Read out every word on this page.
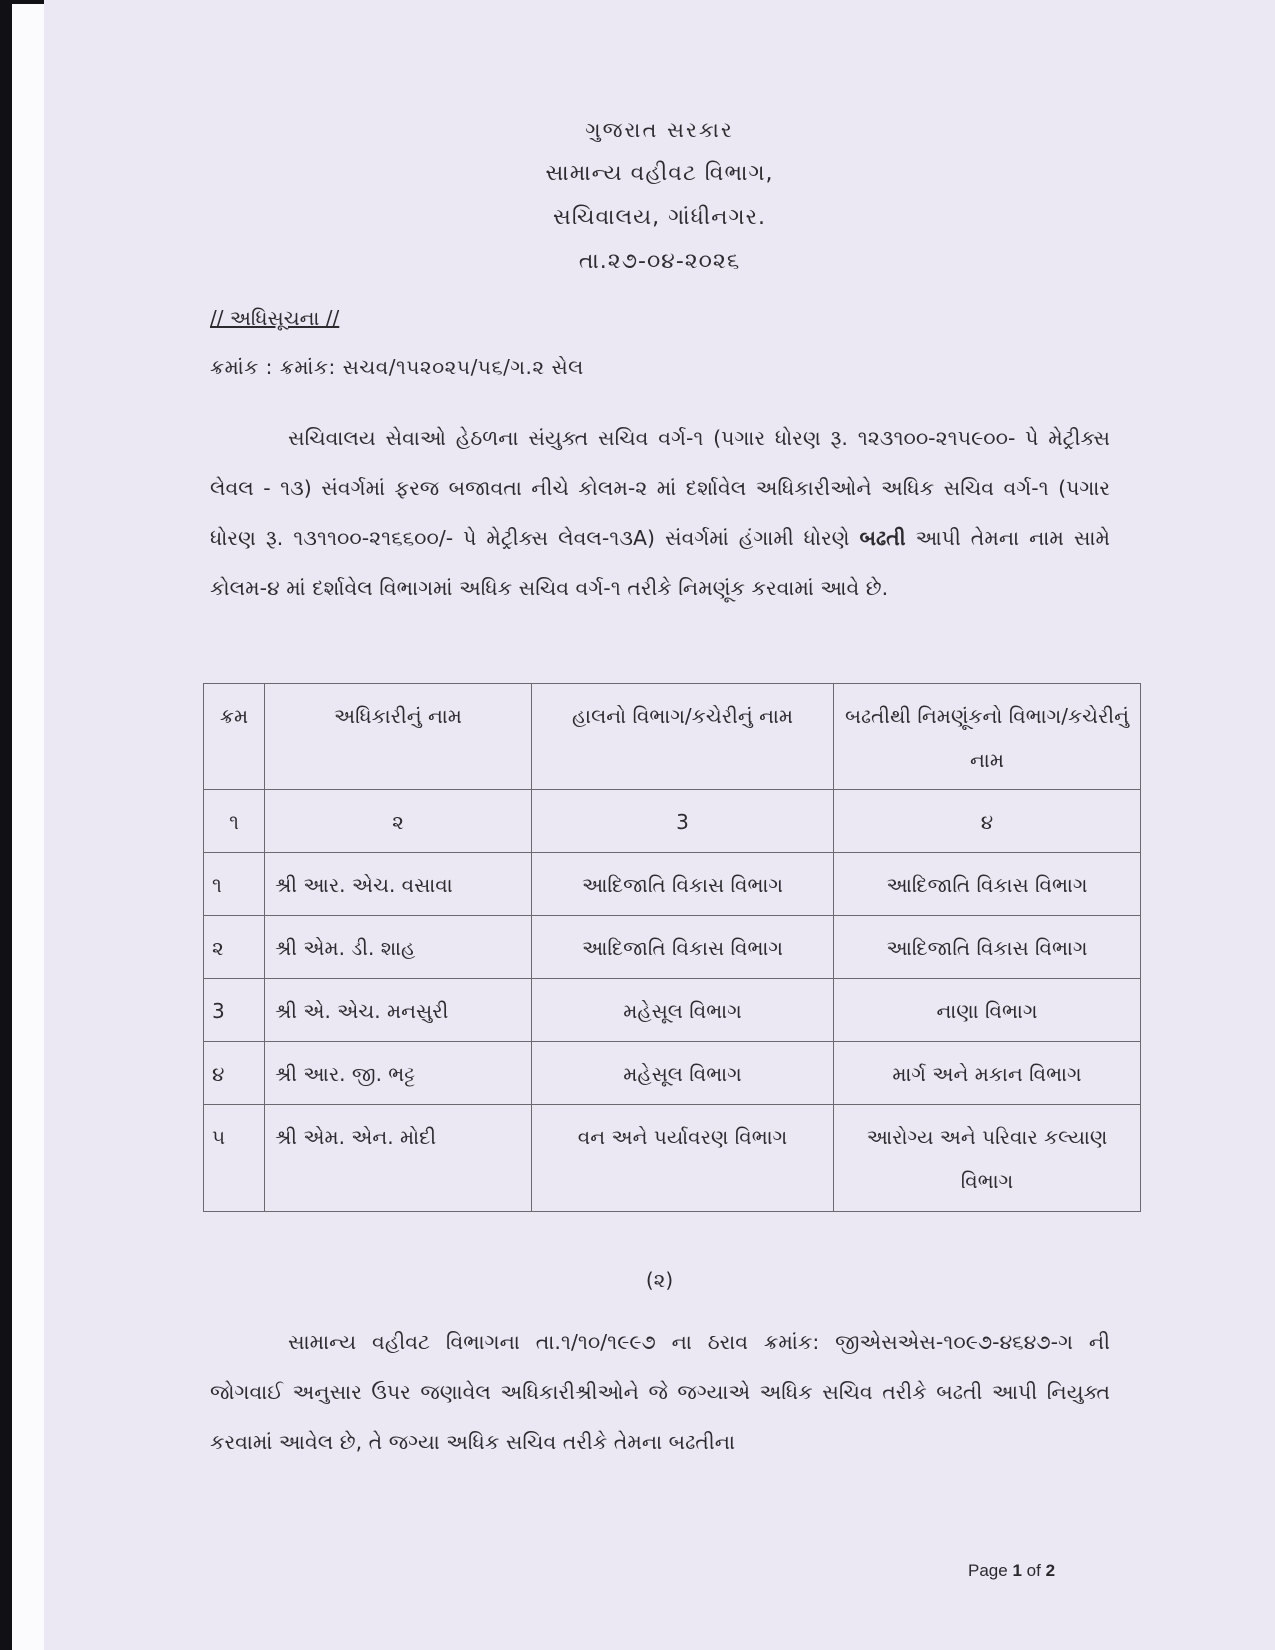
ગુજરાત સરકાર
સામાન્ય વહીવટ વિભાગ,
સચિવાલય, ગાંધીનગર.
તા.૨૭-૦૪-૨૦૨૬
// અધિસૂચના //
ક્રમાંક : ક્રમાંક: સચવ/૧૫૨૦૨૫/૫૬/ગ.૨ સેલ
સચિવાલય સેવાઓ હેઠળના સંયુક્ત સચિવ વર્ગ-૧ (પગાર ધોરણ રૂ. ૧૨૩૧૦૦-૨૧૫૯૦૦- પે મેટ્રીક્સ લેવલ - ૧૩) સંવર્ગમાં ફરજ બજાવતા નીચે કોલમ-૨ માં દર્શાવેલ અધિકારીઓને અધિક સચિવ વર્ગ-૧ (પગાર ધોરણ રૂ. ૧૩૧૧૦૦-૨૧૬૬૦૦/- પે મેટ્રીક્સ લેવલ-૧૩A) સંવર્ગમાં હંગામી ધોરણે બઢતી આપી તેમના નામ સામે કોલમ-૪ માં દર્શાવેલ વિભાગમાં અધિક સચિવ વર્ગ-૧ તરીકે નિમણૂંક કરવામાં આવે છે.
ક્રમ	અધિકારીનું નામ	હાલનો વિભાગ/કચેરીનું નામ	બઢતીથી નિમણૂંકનો વિભાગ/કચેરીનું નામ
૧	૨	3	૪
૧	શ્રી આર. એચ. વસાવા	આદિજાતિ વિકાસ વિભાગ	આદિજાતિ વિકાસ વિભાગ
૨	શ્રી એમ. ડી. શાહ	આદિજાતિ વિકાસ વિભાગ	આદિજાતિ વિકાસ વિભાગ
3	શ્રી એ. એચ. મનસુરી	મહેસૂલ વિભાગ	નાણા વિભાગ
૪	શ્રી આર. જી. ભટ્ટ	મહેસૂલ વિભાગ	માર્ગ અને મકાન વિભાગ
૫	શ્રી એમ. એન. મોદી	વન અને પર્યાવરણ વિભાગ	આરોગ્ય અને પરિવાર કલ્યાણ વિભાગ
(૨)
સામાન્ય વહીવટ વિભાગના તા.૧/૧૦/૧૯૯૭ ના ઠરાવ ક્રમાંક: જીએસએસ-૧૦૯૭-૪૬૪૭-ગ ની જોગવાઈ અનુસાર ઉપર જણાવેલ અધિકારીશ્રીઓને જે જગ્યાએ અધિક સચિવ તરીકે બઢતી આપી નિયુક્ત કરવામાં આવેલ છે, તે જગ્યા અધિક સચિવ તરીકે તેમના બઢતીના
Page 1 of 2
